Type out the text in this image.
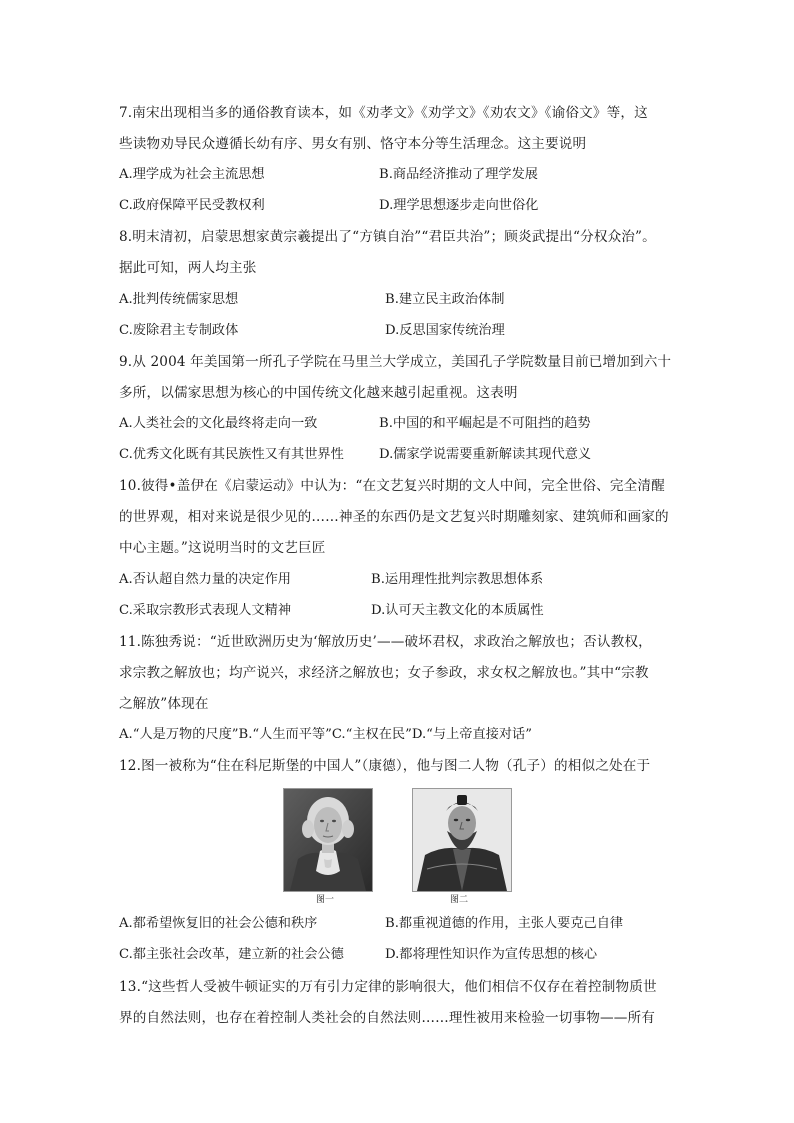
7.南宋出现相当多的通俗教育读本，如《劝孝文》《劝学文》《劝农文》《谕俗文》等，这
些读物劝导民众遵循长幼有序、男女有别、恪守本分等生活理念。这主要说明
A.理学成为社会主流思想	B.商品经济推动了理学发展
C.政府保障平民受教权利	D.理学思想逐步走向世俗化
8.明末清初，启蒙思想家黄宗羲提出了“方镇自治”“君臣共治”；顾炎武提出“分权众治”。
据此可知，两人均主张
A.批判传统儒家思想	B.建立民主政治体制
C.废除君主专制政体	D.反思国家传统治理
9.从 2004 年美国第一所孔子学院在马里兰大学成立，美国孔子学院数量目前已增加到六十
多所，以儒家思想为核心的中国传统文化越来越引起重视。这表明
A.人类社会的文化最终将走向一致	B.中国的和平崛起是不可阻挡的趋势
C.优秀文化既有其民族性又有其世界性	D.儒家学说需要重新解读其现代意义
10.彼得•盖伊在《启蒙运动》中认为：“在文艺复兴时期的文人中间，完全世俗、完全清醒
的世界观，相对来说是很少见的……神圣的东西仍是文艺复兴时期雕刻家、建筑师和画家的
中心主题。”这说明当时的文艺巨匠
A.否认超自然力量的决定作用	B.运用理性批判宗教思想体系
C.采取宗教形式表现人文精神	D.认可天主教文化的本质属性
11.陈独秀说：“近世欧洲历史为‘解放历史’——破坏君权，求政治之解放也；否认教权，
求宗教之解放也；均产说兴，求经济之解放也；女子参政，求女权之解放也。”其中“宗教
之解放”体现在
A.“人是万物的尺度”B.“人生而平等”C.“主权在民”D.“与上帝直接对话”
12.图一被称为“住在科尼斯堡的中国人”（康德），他与图二人物（孔子）的相似之处在于
图一	图二
A.都希望恢复旧的社会公德和秩序	B.都重视道德的作用，主张人要克己自律
C.都主张社会改革，建立新的社会公德	D.都将理性知识作为宣传思想的核心
13.“这些哲人受被牛顿证实的万有引力定律的影响很大，他们相信不仅存在着控制物质世
界的自然法则，也存在着控制人类社会的自然法则……理性被用来检验一切事物——所有
